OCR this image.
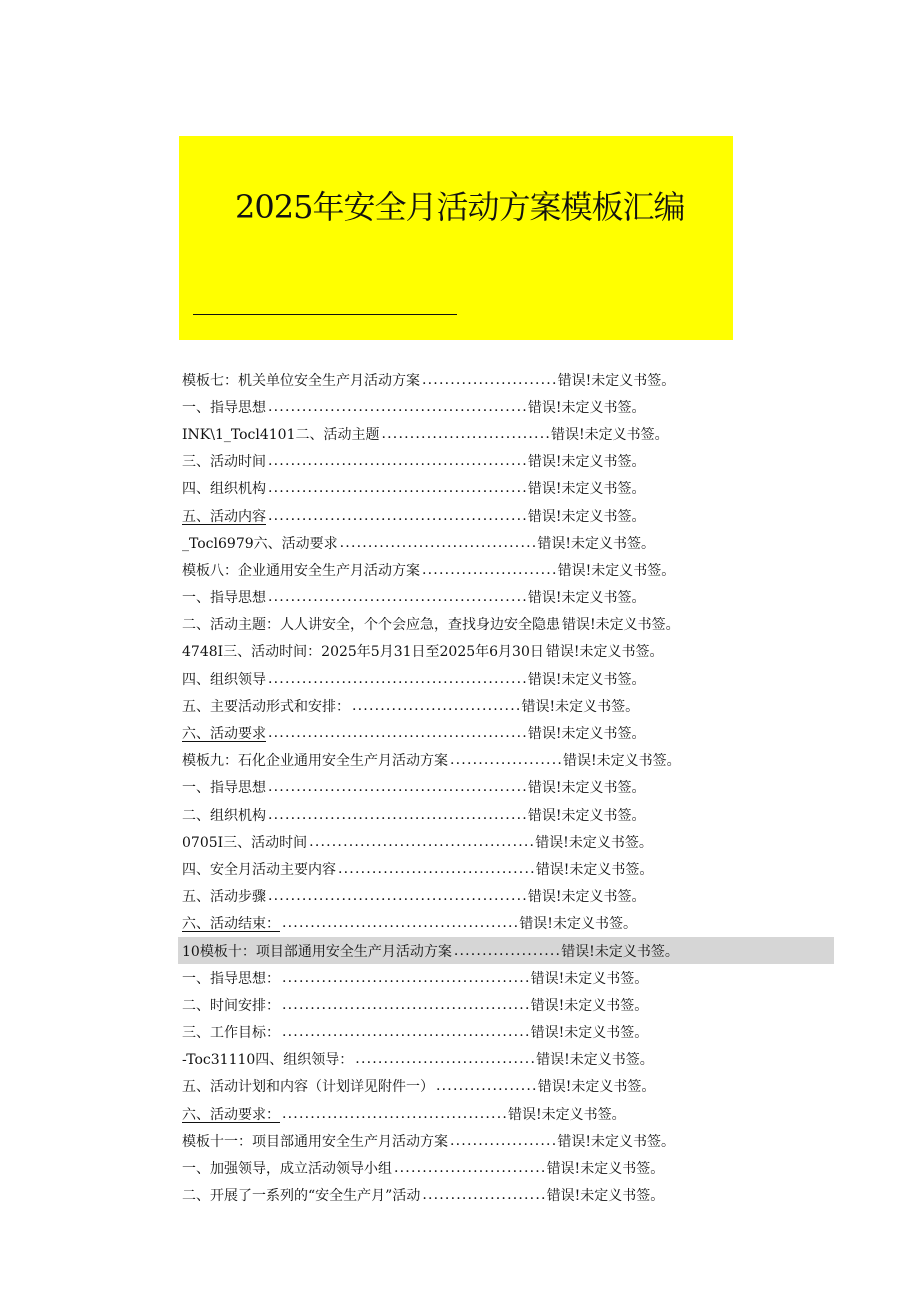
2025年安全月活动方案模板汇编
模板七：机关单位安全生产月活动方案 ........................ 错误!未定义书签。
一、指导思想 .............................................. 错误!未定义书签。
INK\1_Tocl4101二、活动主题 .............................. 错误!未定义书签。
三、活动时间 .............................................. 错误!未定义书签。
四、组织机构 .............................................. 错误!未定义书签。
五、活动内容 .............................................. 错误!未定义书签。
_Tocl6979六、活动要求 ................................... 错误!未定义书签。
模板八：企业通用安全生产月活动方案 ........................ 错误!未定义书签。
一、指导思想 .............................................. 错误!未定义书签。
二、活动主题：人人讲安全，个个会应急，查找身边安全隐患 错误!未定义书签。
4748I三、活动时间：2025年5月31日至2025年6月30日 错误!未定义书签。
四、组织领导 .............................................. 错误!未定义书签。
五、主要活动形式和安排： .............................. 错误!未定义书签。
六、活动要求 .............................................. 错误!未定义书签。
模板九：石化企业通用安全生产月活动方案 .................... 错误!未定义书签。
一、指导思想 .............................................. 错误!未定义书签。
二、组织机构 .............................................. 错误!未定义书签。
0705I三、活动时间 ........................................ 错误!未定义书签。
四、安全月活动主要内容 ................................... 错误!未定义书签。
五、活动步骤 .............................................. 错误!未定义书签。
六、活动结束： .......................................... 错误!未定义书签。
10模板十：项目部通用安全生产月活动方案 ................... 错误!未定义书签。
一、指导思想： ............................................ 错误!未定义书签。
二、时间安排： ............................................ 错误!未定义书签。
三、工作目标： ............................................ 错误!未定义书签。
-Toc31110四、组织领导： ................................ 错误!未定义书签。
五、活动计划和内容（计划详见附件一） .................. 错误!未定义书签。
六、活动要求： ........................................ 错误!未定义书签。
模板十一：项目部通用安全生产月活动方案 ................... 错误!未定义书签。
一、加强领导，成立活动领导小组 ........................... 错误!未定义书签。
二、开展了一系列的“安全生产月”活动 ...................... 错误!未定义书签。
